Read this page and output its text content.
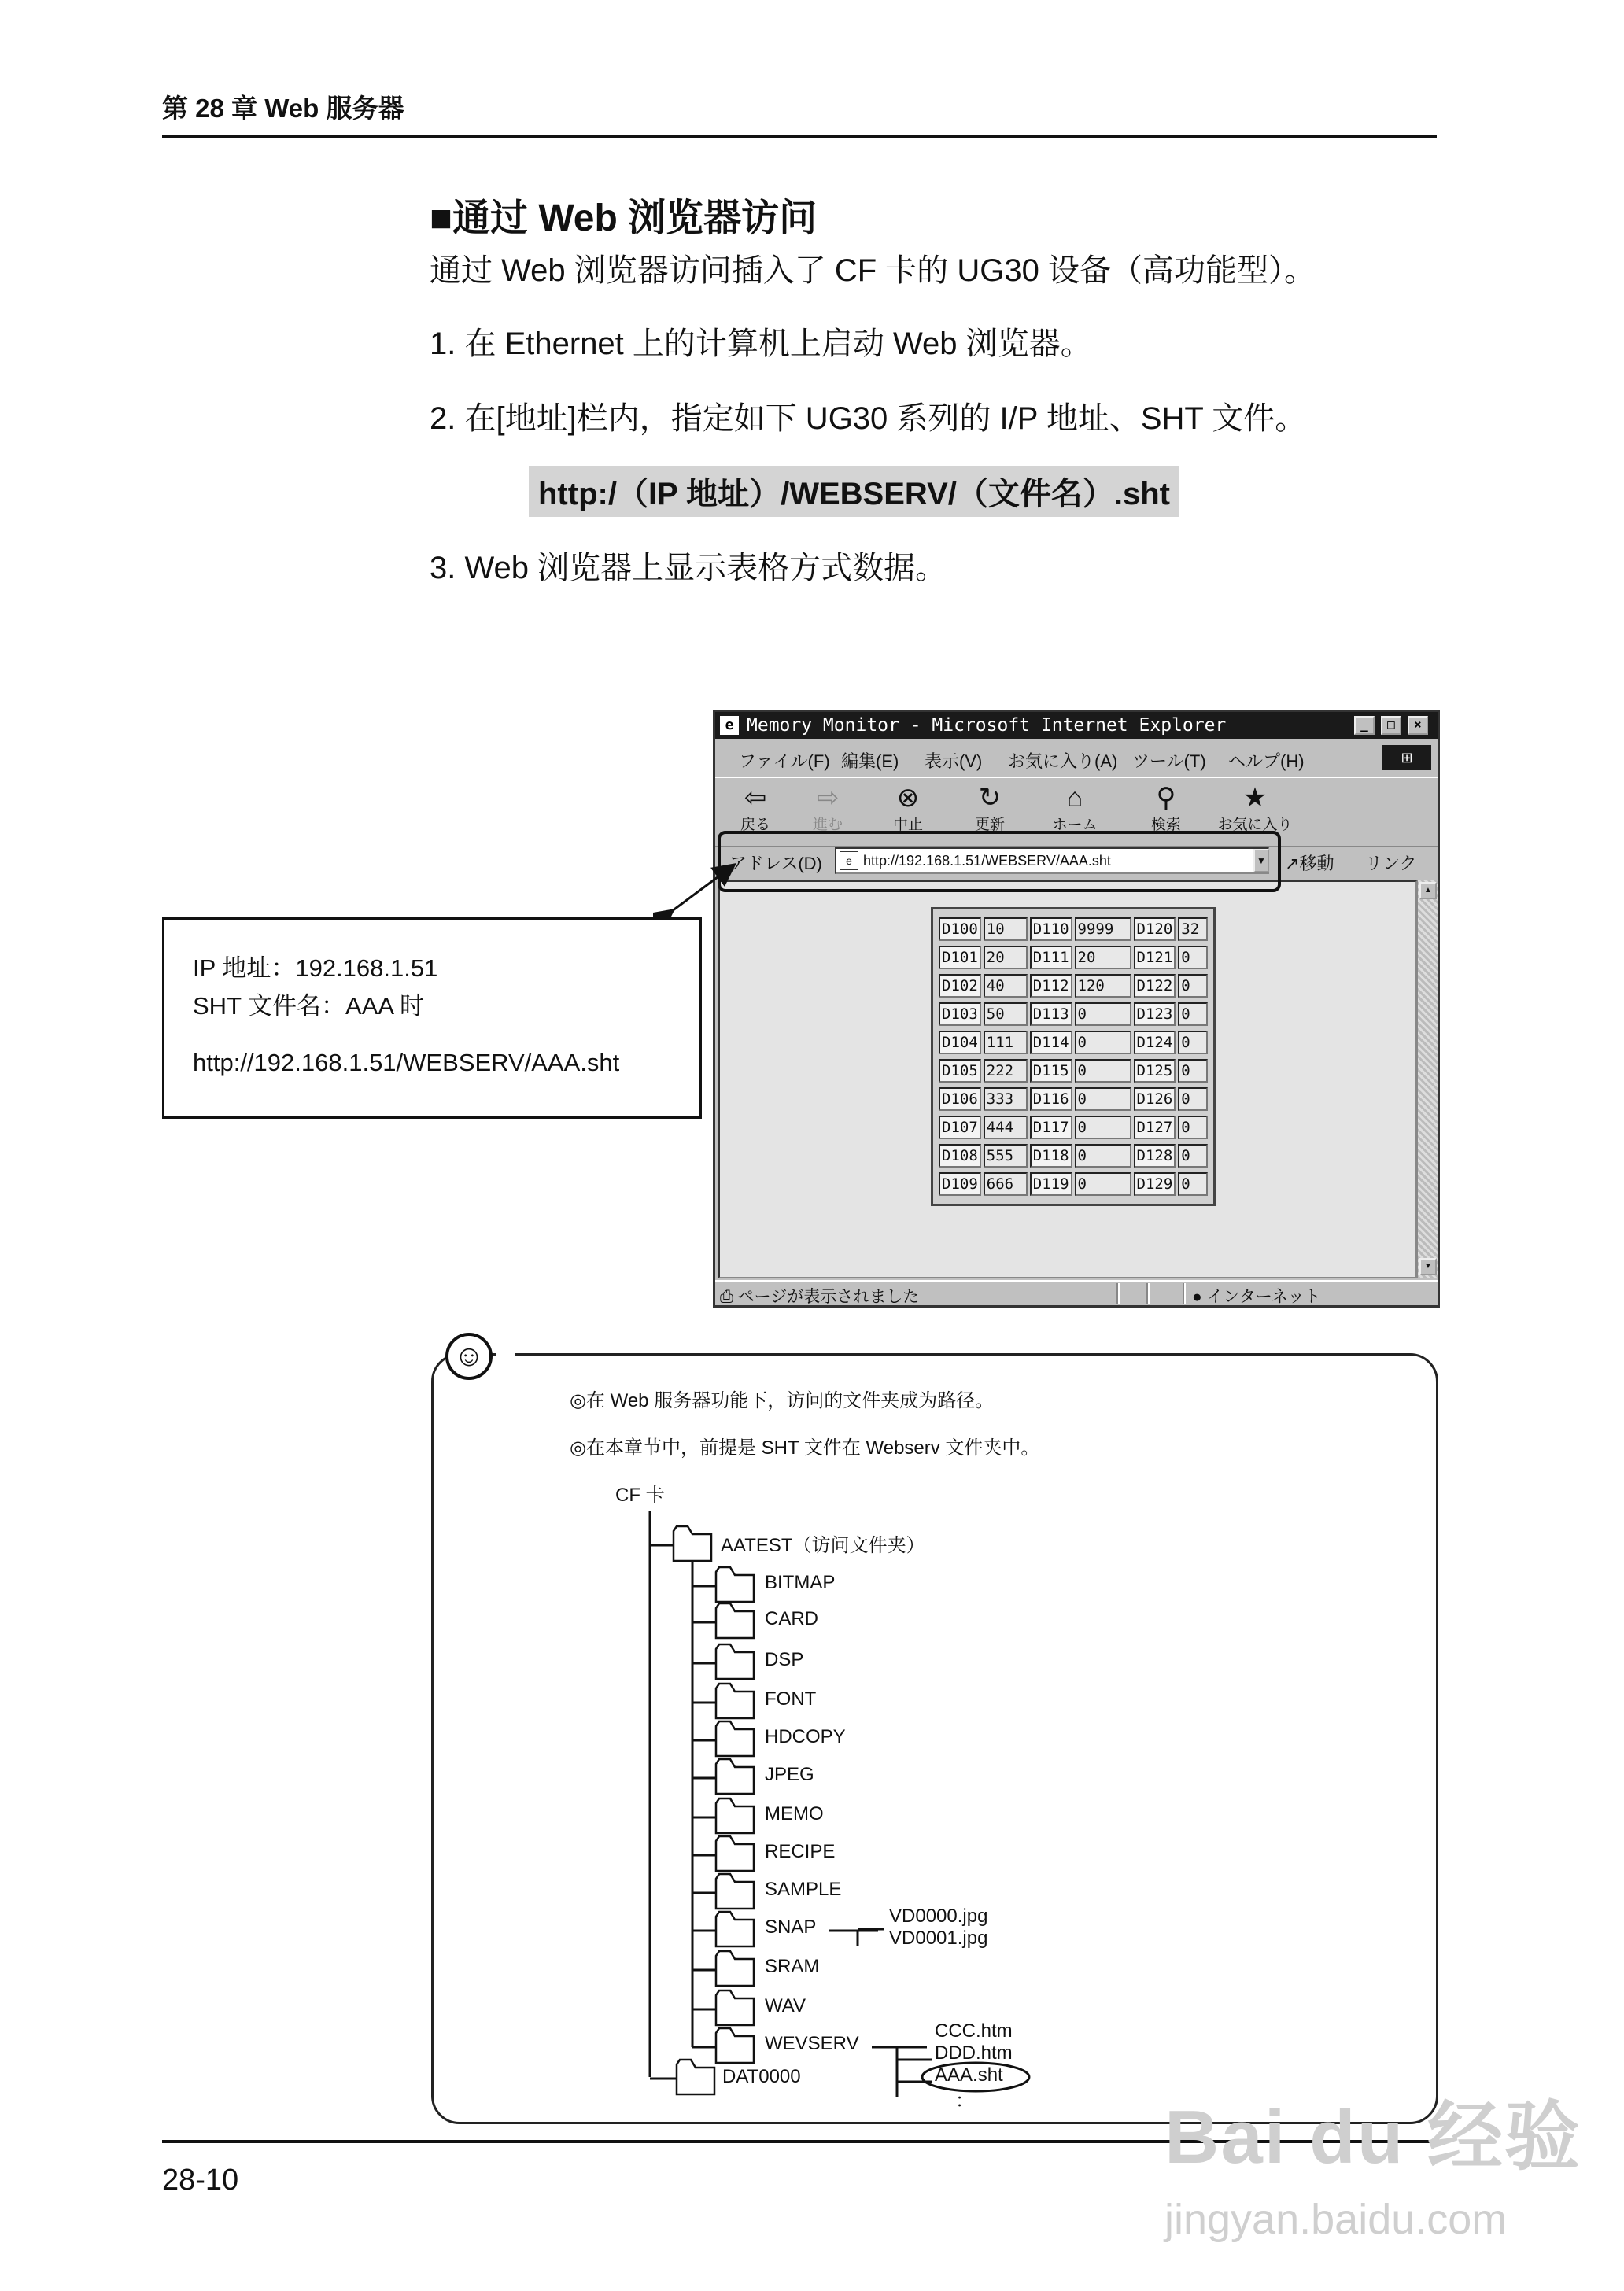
第 28 章 Web 服务器
■通过 Web 浏览器访问
通过 Web 浏览器访问插入了 CF 卡的 UG30 设备（高功能型）。
1. 在 Ethernet 上的计算机上启动 Web 浏览器。
2. 在[地址]栏内，指定如下 UG30 系列的 I/P 地址、SHT 文件。
http:/（IP 地址）/WEBSERV/（文件名）.sht
3. Web 浏览器上显示表格方式数据。
e Memory Monitor - Microsoft Internet Explorer	_	□	×
ファイル(F) 編集(E) 表示(V) お気に入り(A) ツール(T) ヘルプ(H)	⊞
⇦
戻る
⇨
進む
⊗
中止
↻
更新
⌂
ホーム
⚲
検索
★
お気に入り
アドレス(D)	e http://192.168.1.51/WEBSERV/AAA.sht	▼ ↗移動 リンク
D100	10	D110	9999	D120	32
D101	20	D111	20	D121	0
D102	40	D112	120	D122	0
D103	50	D113	0	D123	0
D104	111	D114	0	D124	0
D105	222	D115	0	D125	0
D106	333	D116	0	D126	0
D107	444	D117	0	D127	0
D108	555	D118	0	D128	0
D109	666	D119	0	D129	0
▲
▼
⎙ ページが表示されました	● インターネット
IP 地址：192.168.1.51
SHT 文件名：AAA 时
http://192.168.1.51/WEBSERV/AAA.sht
☺
◎在 Web 服务器功能下，访问的文件夹成为路径。
◎在本章节中，前提是 SHT 文件在 Webserv 文件夹中。
CF 卡
AATEST（访问文件夹）
BITMAP
CARD
DSP
FONT
HDCOPY
JPEG
MEMO
RECIPE
SAMPLE
SNAP
SRAM
WAV
WEVSERV
DAT0000
VD0000.jpg
VD0001.jpg
CCC.htm
DDD.htm
AAA.sht
：
28-10
Bai du 经验
jingyan.baidu.com
